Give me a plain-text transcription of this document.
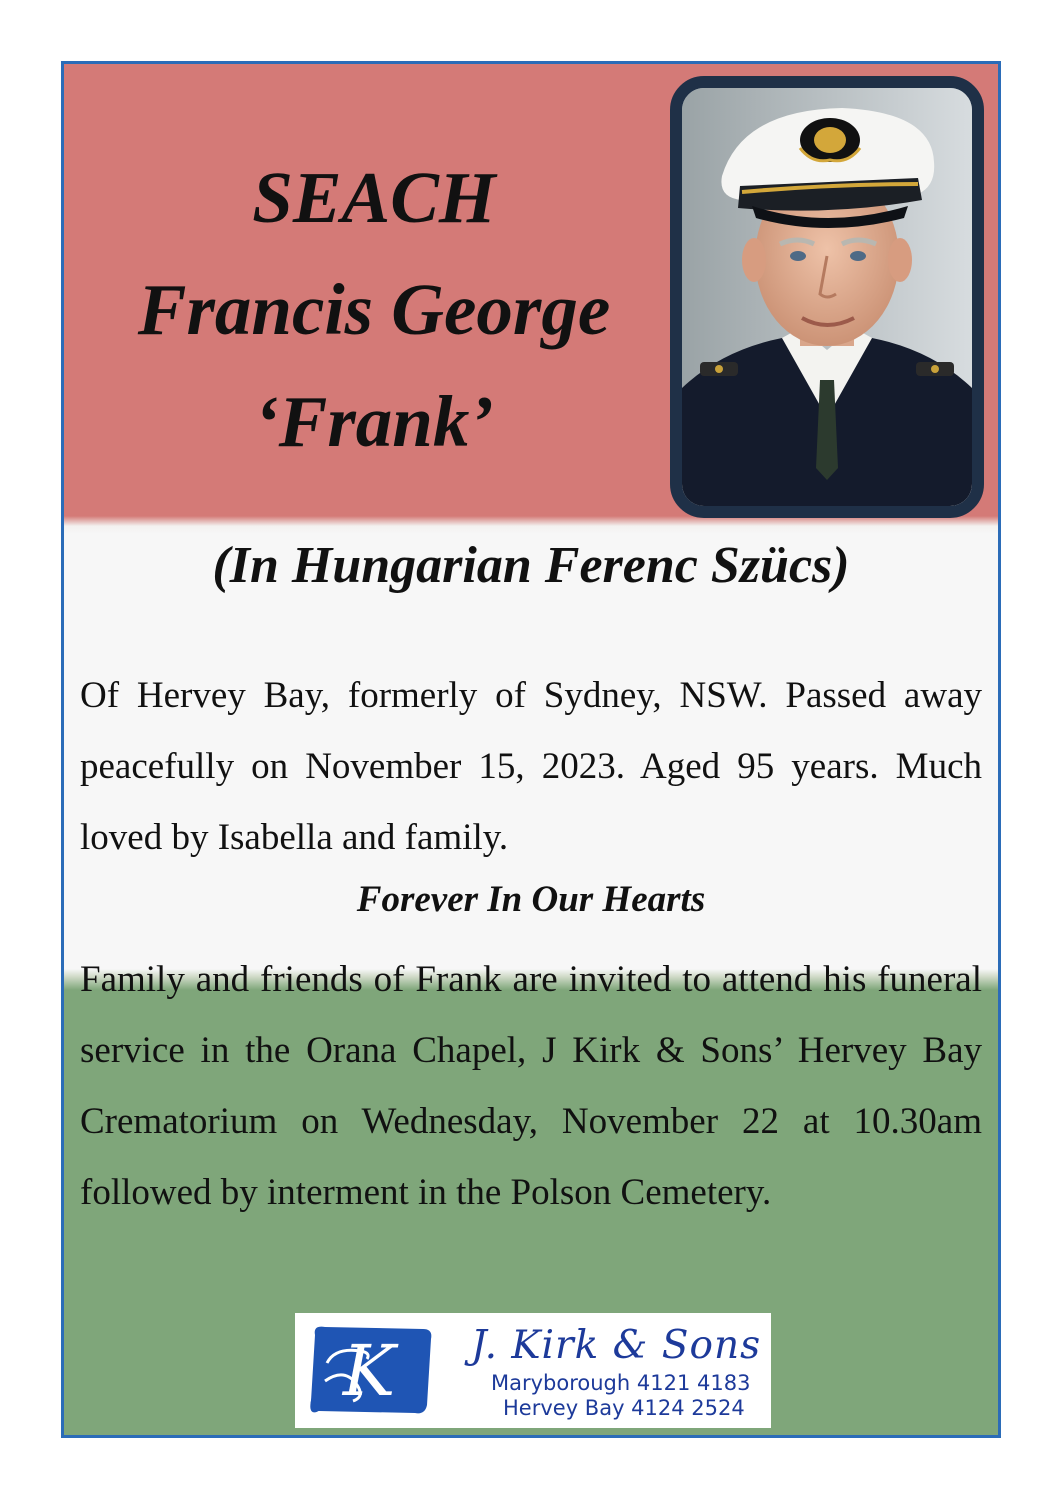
SEACH
Francis George
‘Frank’
(In Hungarian Ferenc Szücs)

Of Hervey Bay, formerly of Sydney, NSW. Passed away peacefully on November 15, 2023. Aged 95 years. Much loved by Isabella and family.

Forever In Our Hearts

Family and friends of Frank are invited to attend his funeral service in the Orana Chapel, J Kirk & Sons’ Hervey Bay Crematorium on Wednesday, November 22 at 10.30am followed by interment in the Polson Cemetery.

K J. Kirk & Sons
Maryborough 4121 4183
Hervey Bay 4124 2524
